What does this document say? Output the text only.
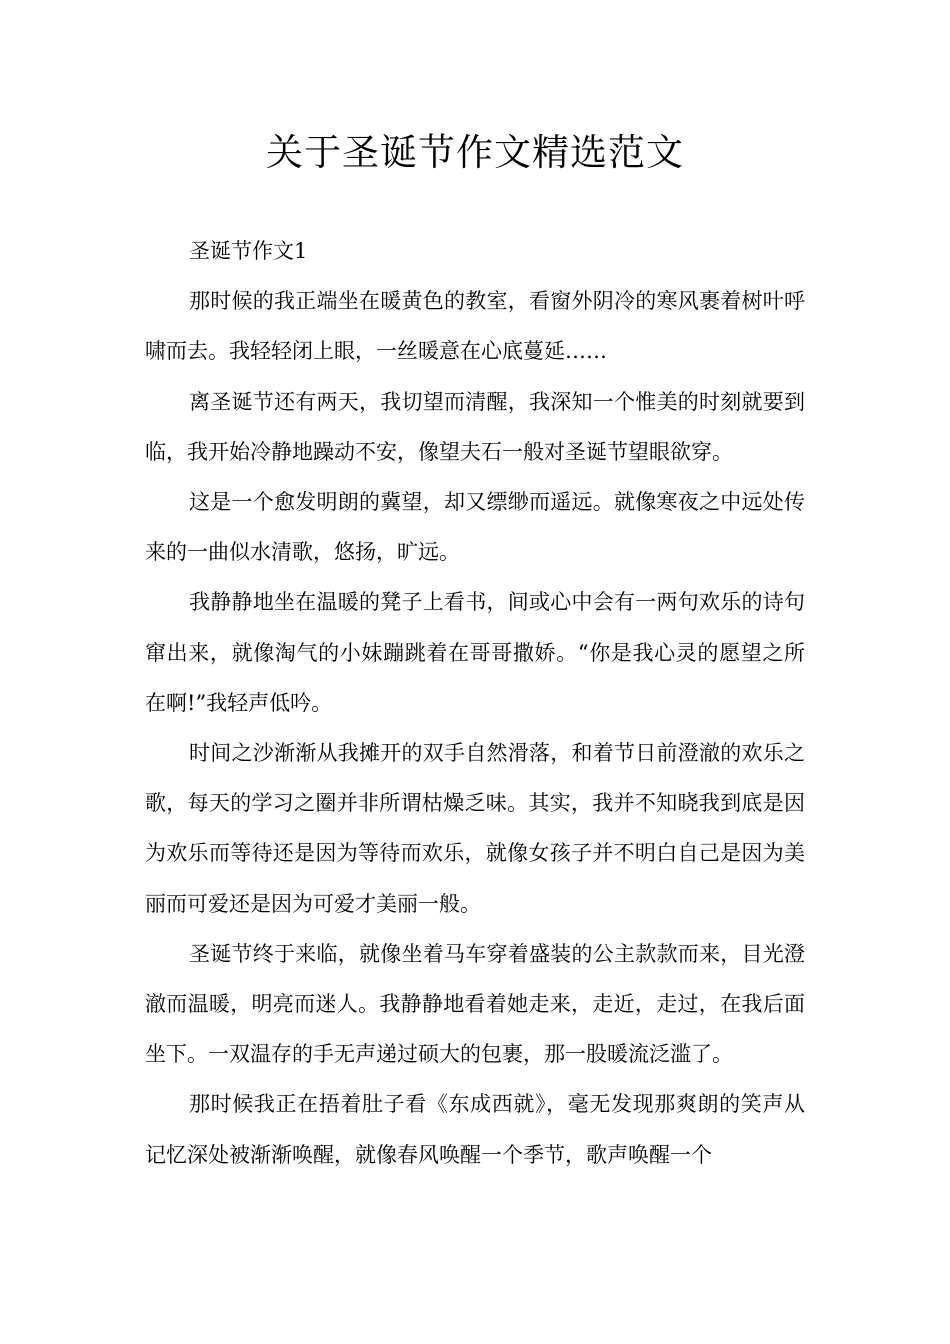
关于圣诞节作文精选范文

圣诞节作文1

那时候的我正端坐在暖黄色的教室，看窗外阴冷的寒风裹着树叶呼啸而去。我轻轻闭上眼，一丝暖意在心底蔓延……

离圣诞节还有两天，我切望而清醒，我深知一个惟美的时刻就要到临，我开始冷静地躁动不安，像望夫石一般对圣诞节望眼欲穿。

这是一个愈发明朗的冀望，却又缥缈而遥远。就像寒夜之中远处传来的一曲似水清歌，悠扬，旷远。

我静静地坐在温暖的凳子上看书，间或心中会有一两句欢乐的诗句窜出来，就像淘气的小妹蹦跳着在哥哥撒娇。“你是我心灵的愿望之所在啊!”我轻声低吟。

时间之沙渐渐从我摊开的双手自然滑落，和着节日前澄澈的欢乐之歌，每天的学习之圈并非所谓枯燥乏味。其实，我并不知晓我到底是因为欢乐而等待还是因为等待而欢乐，就像女孩子并不明白自己是因为美丽而可爱还是因为可爱才美丽一般。

圣诞节终于来临，就像坐着马车穿着盛装的公主款款而来，目光澄澈而温暖，明亮而迷人。我静静地看着她走来，走近，走过，在我后面坐下。一双温存的手无声递过硕大的包裹，那一股暖流泛滥了。

那时候我正在捂着肚子看《东成西就》，毫无发现那爽朗的笑声从记忆深处被渐渐唤醒，就像春风唤醒一个季节，歌声唤醒一个
